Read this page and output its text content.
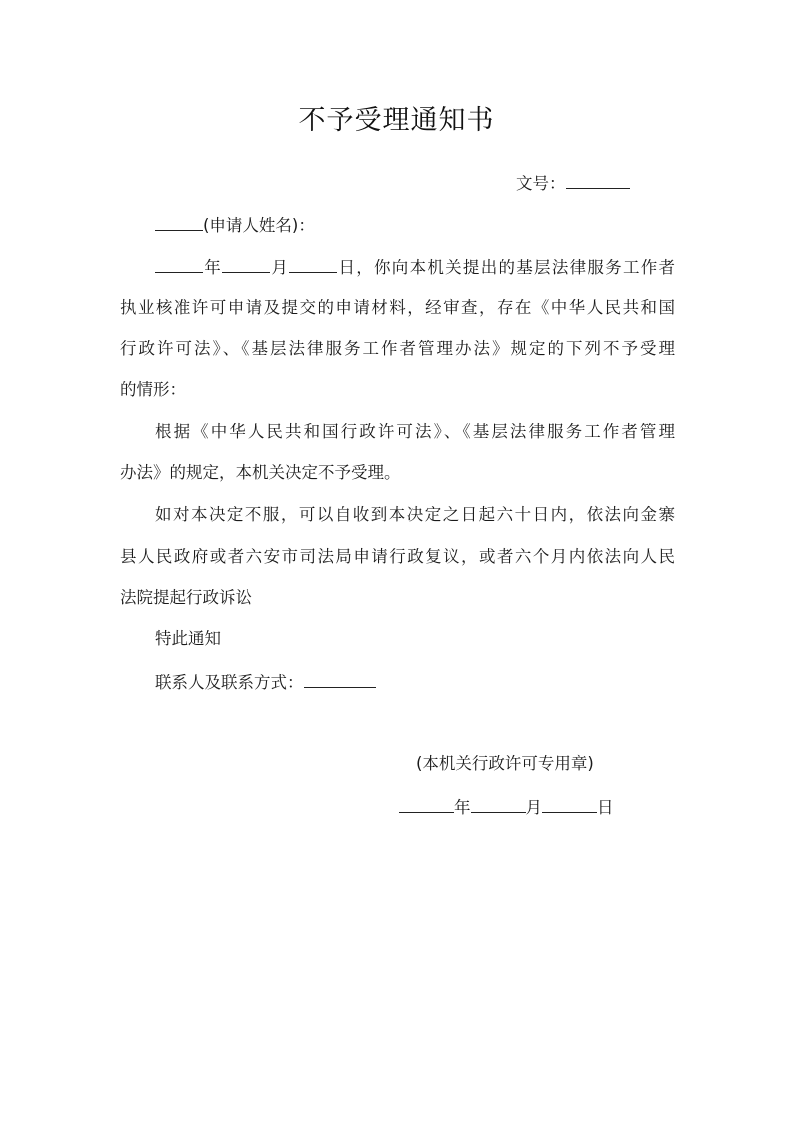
不予受理通知书
文号：
(申请人姓名)：
年	月	日，你向本机关提出的基层法律服务工作者
执业核准许可申请及提交的申请材料，经审查，存在《中华人民共和国
行政许可法》、《基层法律服务工作者管理办法》规定的下列不予受理
的情形：
根据《中华人民共和国行政许可法》、《基层法律服务工作者管理
办法》的规定，本机关决定不予受理。
如对本决定不服，可以自收到本决定之日起六十日内，依法向金寨
县人民政府或者六安市司法局申请行政复议，或者六个月内依法向人民
法院提起行政诉讼
特此通知
联系人及联系方式：
(本机关行政许可专用章)
年	月	日
